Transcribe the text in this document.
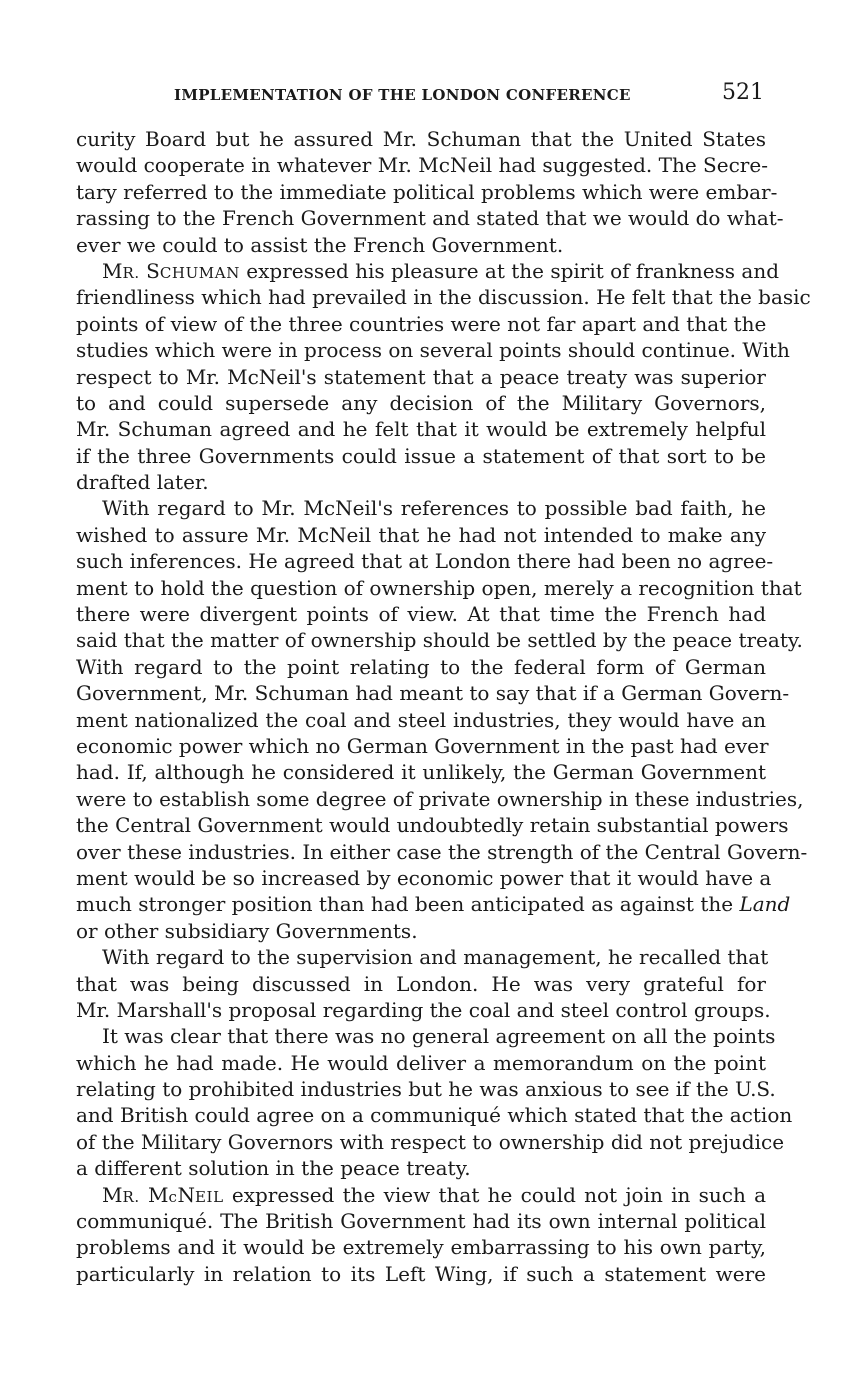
IMPLEMENTATION OF THE LONDON CONFERENCE	521
curity Board but he assured Mr. Schuman that the United States
would cooperate in whatever Mr. McNeil had suggested. The Secre-
tary referred to the immediate political problems which were embar-
rassing to the French Government and stated that we would do what-
ever we could to assist the French Government.
MR. SCHUMAN expressed his pleasure at the spirit of frankness and
friendliness which had prevailed in the discussion. He felt that the basic
points of view of the three countries were not far apart and that the
studies which were in process on several points should continue. With
respect to Mr. McNeil's statement that a peace treaty was superior
to and could supersede any decision of the Military Governors,
Mr. Schuman agreed and he felt that it would be extremely helpful
if the three Governments could issue a statement of that sort to be
drafted later.
With regard to Mr. McNeil's references to possible bad faith, he
wished to assure Mr. McNeil that he had not intended to make any
such inferences. He agreed that at London there had been no agree-
ment to hold the question of ownership open, merely a recognition that
there were divergent points of view. At that time the French had
said that the matter of ownership should be settled by the peace treaty.
With regard to the point relating to the federal form of German
Government, Mr. Schuman had meant to say that if a German Govern-
ment nationalized the coal and steel industries, they would have an
economic power which no German Government in the past had ever
had. If, although he considered it unlikely, the German Government
were to establish some degree of private ownership in these industries,
the Central Government would undoubtedly retain substantial powers
over these industries. In either case the strength of the Central Govern-
ment would be so increased by economic power that it would have a
much stronger position than had been anticipated as against the Land
or other subsidiary Governments.
With regard to the supervision and management, he recalled that
that was being discussed in London. He was very grateful for
Mr. Marshall's proposal regarding the coal and steel control groups.
It was clear that there was no general agreement on all the points
which he had made. He would deliver a memorandum on the point
relating to prohibited industries but he was anxious to see if the U.S.
and British could agree on a communiqué which stated that the action
of the Military Governors with respect to ownership did not prejudice
a different solution in the peace treaty.
MR. McNEIL expressed the view that he could not join in such a
communiqué. The British Government had its own internal political
problems and it would be extremely embarrassing to his own party,
particularly in relation to its Left Wing, if such a statement were
